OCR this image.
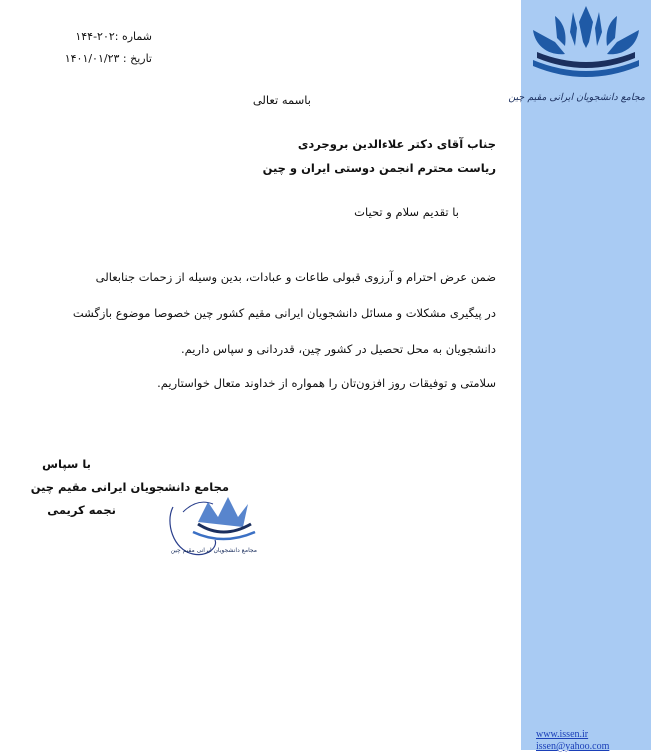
شماره :۲۰۲-۱۴۴
تاریخ : ۱۴۰۱/۰۱/۲۳
باسمه تعالی
جناب آقای دکتر علاءالدین بروجردی
ریاست محترم انجمن دوستی ایران و چین
با تقدیم سلام و تحیات
ضمن عرض احترام و آرزوی قبولی طاعات و عبادات، بدین وسیله از زحمات جنابعالی
در پیگیری مشکلات و مسائل دانشجویان ایرانی مقیم کشور چین خصوصا موضوع بازگشت
دانشجویان به محل تحصیل در کشور چین، قدردانی و سپاس داریم.
سلامتی و توفیقات روز افزون‌تان را همواره از خداوند متعال خواستاریم.
با سپاس
مجامع دانشجویان ایرانی مقیم چین
نجمه کریمی
مجامع دانشجویان ایرانی مقیم چین
مجامع دانشجویان ایرانی مقیم چین
www.issen.ir
issen@yahoo.com
